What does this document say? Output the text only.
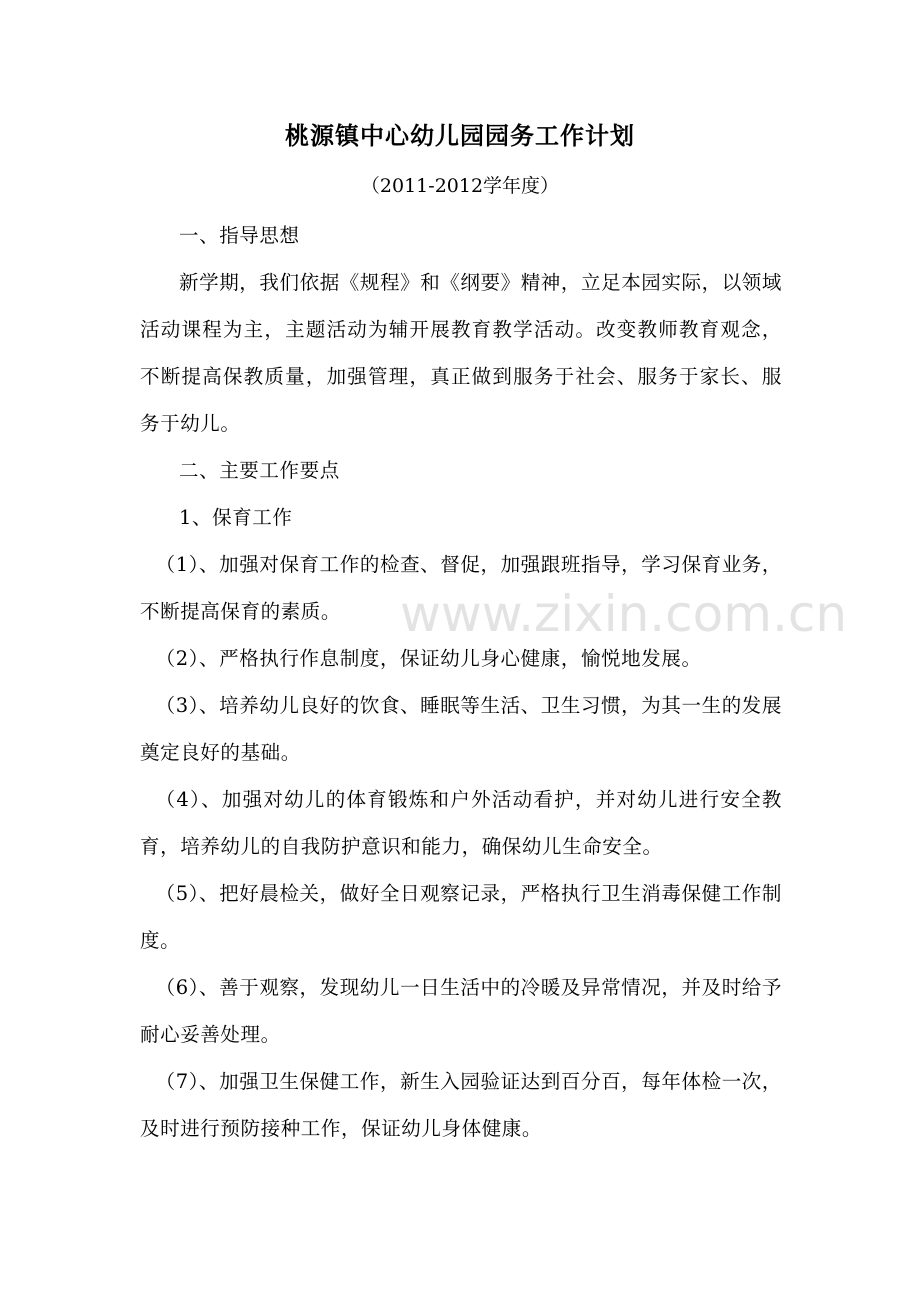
桃源镇中心幼儿园园务工作计划
（2011-2012学年度）

一、指导思想

新学期，我们依据《规程》和《纲要》精神，立足本园实际，以领域活动课程为主，主题活动为辅开展教育教学活动。改变教师教育观念，不断提高保教质量，加强管理，真正做到服务于社会、服务于家长、服务于幼儿。

二、主要工作要点

1、保育工作

（1）、加强对保育工作的检查、督促，加强跟班指导，学习保育业务，不断提高保育的素质。

（2）、严格执行作息制度，保证幼儿身心健康，愉悦地发展。

（3）、培养幼儿良好的饮食、睡眠等生活、卫生习惯，为其一生的发展奠定良好的基础。

（4）、加强对幼儿的体育锻炼和户外活动看护，并对幼儿进行安全教育，培养幼儿的自我防护意识和能力，确保幼儿生命安全。

（5）、把好晨检关，做好全日观察记录，严格执行卫生消毒保健工作制度。

（6）、善于观察，发现幼儿一日生活中的冷暖及异常情况，并及时给予耐心妥善处理。

（7）、加强卫生保健工作，新生入园验证达到百分百，每年体检一次，及时进行预防接种工作，保证幼儿身体健康。

www.zixin.com.cn
